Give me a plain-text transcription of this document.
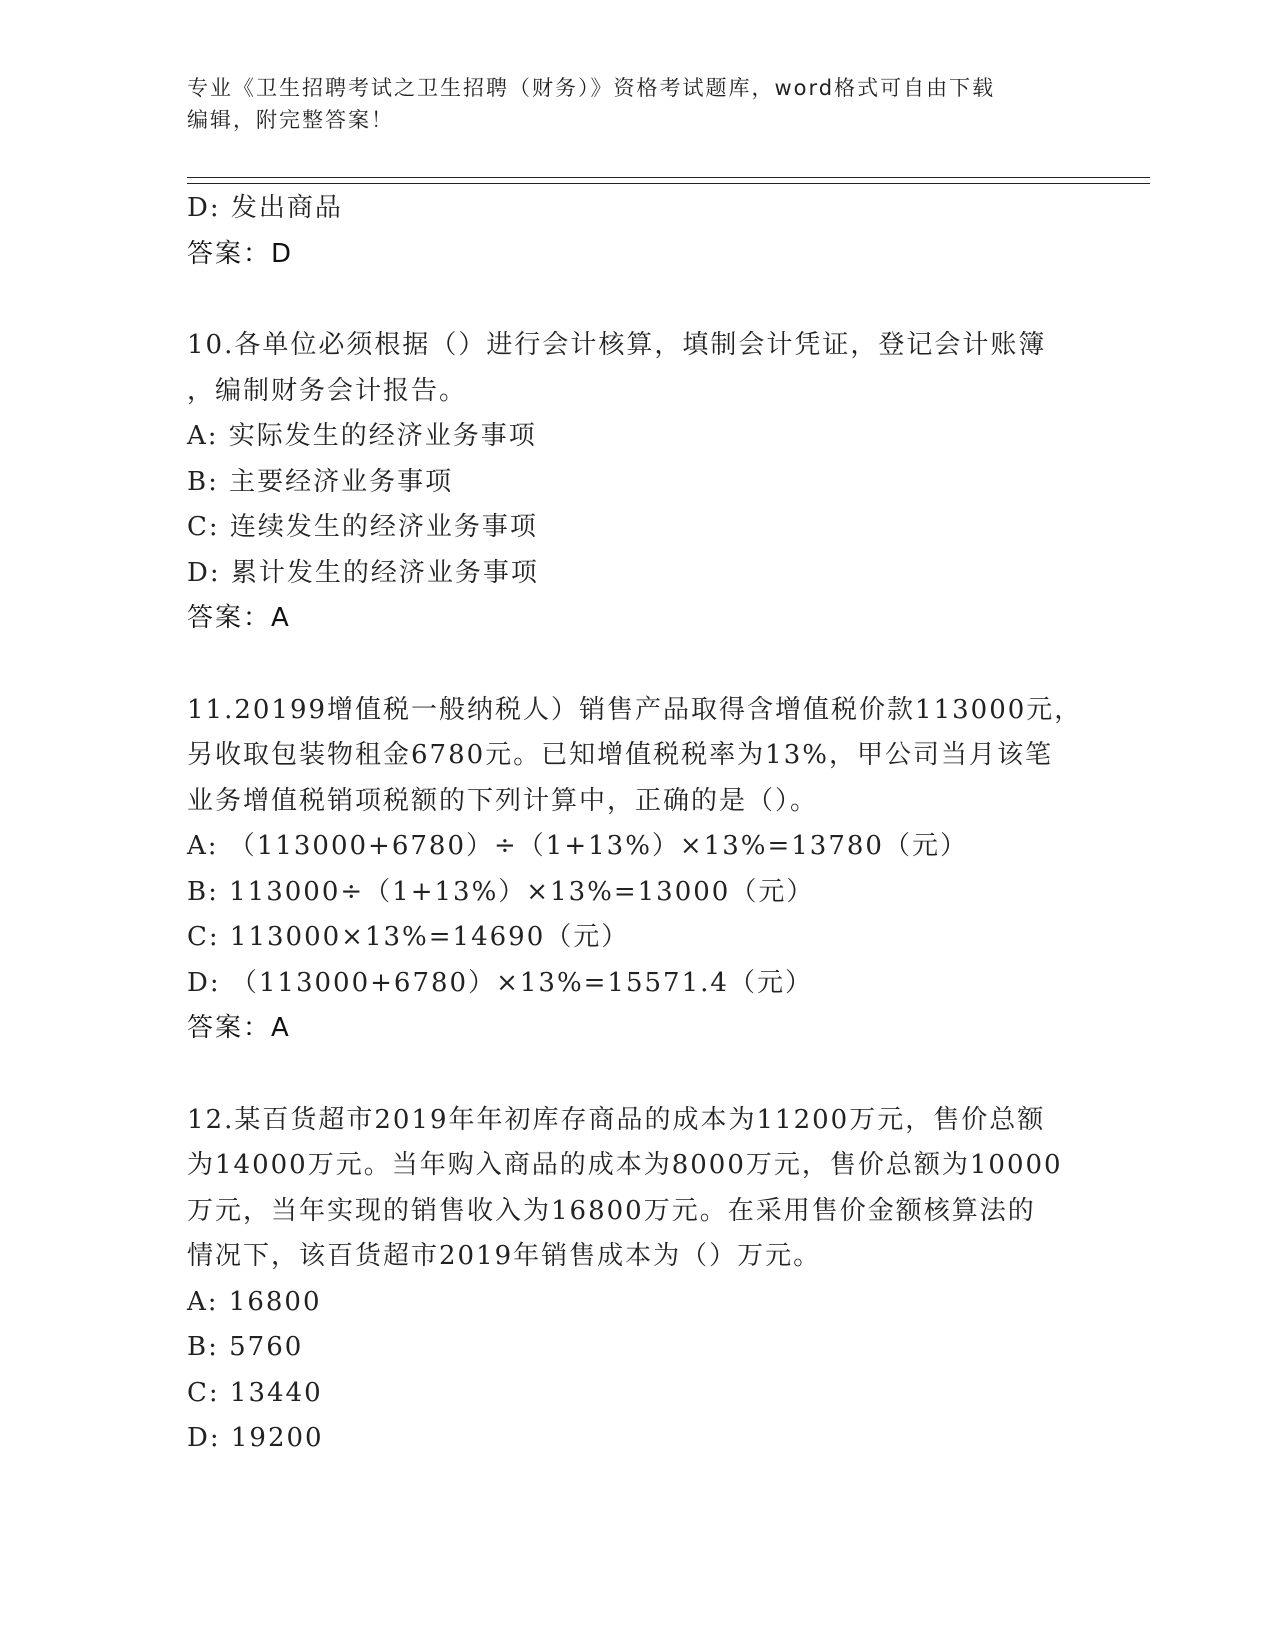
专业《卫生招聘考试之卫生招聘（财务）》资格考试题库，word格式可自由下载
编辑，附完整答案！
D: 发出商品
答案：D
10.各单位必须根据（）进行会计核算，填制会计凭证，登记会计账簿
，编制财务会计报告。
A: 实际发生的经济业务事项
B: 主要经济业务事项
C: 连续发生的经济业务事项
D: 累计发生的经济业务事项
答案：A
11.20199增值税一般纳税人）销售产品取得含增值税价款113000元，
另收取包装物租金6780元。已知增值税税率为13%，甲公司当月该笔
业务增值税销项税额的下列计算中，正确的是（）。
A: （113000+6780）÷（1+13%）×13%=13780（元）
B: 113000÷（1+13%）×13%=13000（元）
C: 113000×13%=14690（元）
D: （113000+6780）×13%=15571.4（元）
答案：A
12.某百货超市2019年年初库存商品的成本为11200万元，售价总额
为14000万元。当年购入商品的成本为8000万元，售价总额为10000
万元，当年实现的销售收入为16800万元。在采用售价金额核算法的
情况下，该百货超市2019年销售成本为（）万元。
A: 16800
B: 5760
C: 13440
D: 19200
